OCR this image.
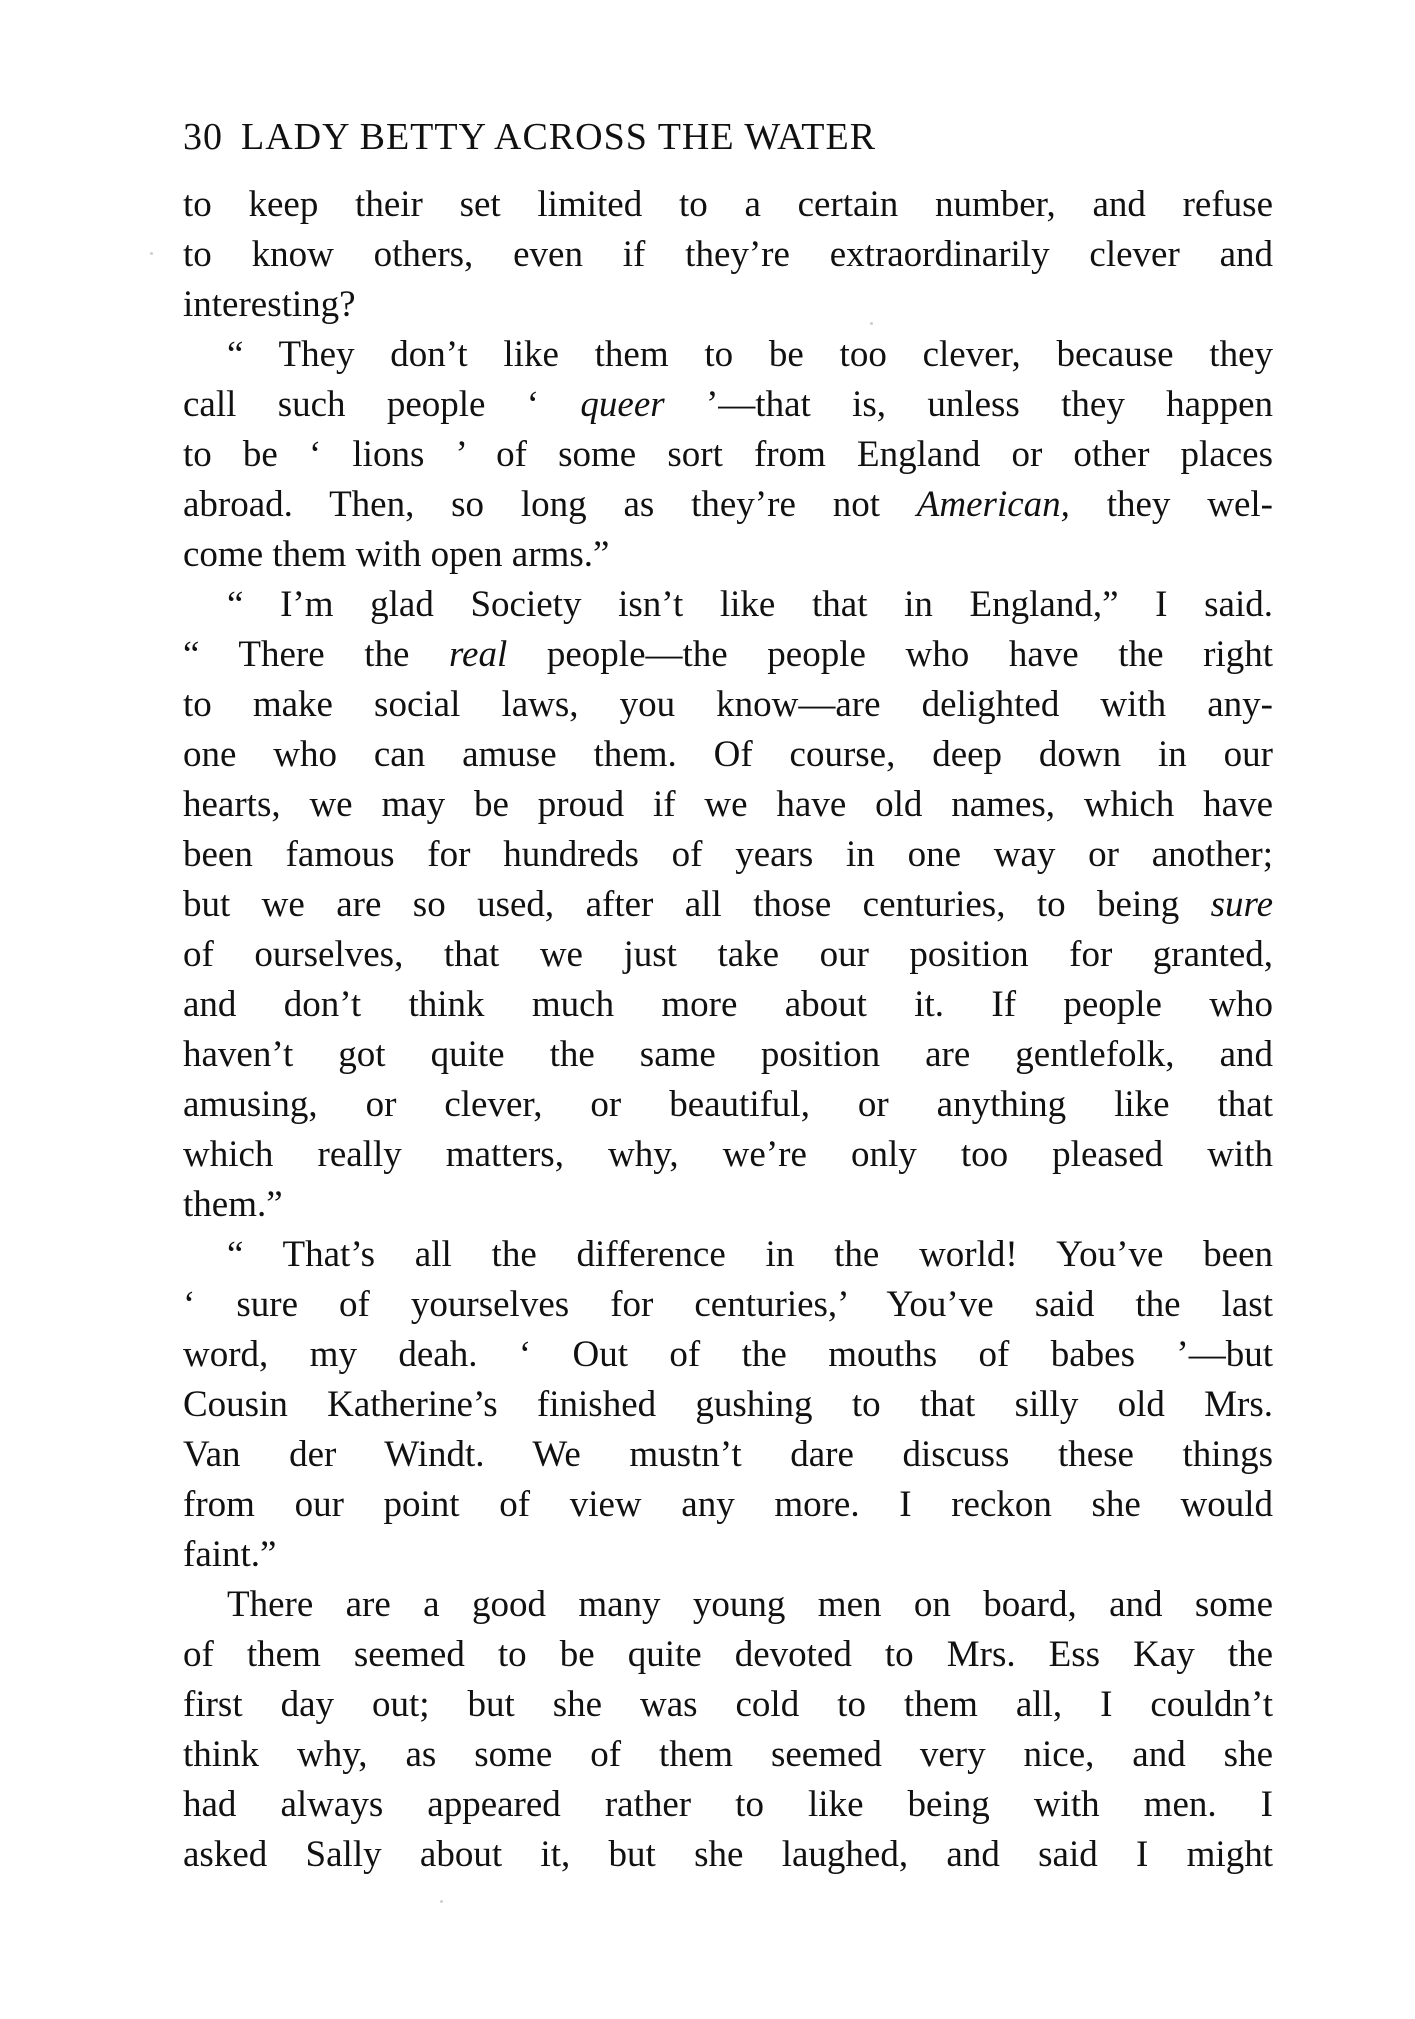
30 LADY BETTY ACROSS THE WATER
to keep their set limited to a certain number, and refuse
to know others, even if they’re extraordinarily clever and
interesting?
“ They don’t like them to be too clever, because they
call such people ‘ queer ’—that is, unless they happen
to be ‘ lions ’ of some sort from England or other places
abroad. Then, so long as they’re not American, they wel-
come them with open arms.”
“ I’m glad Society isn’t like that in England,” I said.
“ There the real people—the people who have the right
to make social laws, you know—are delighted with any-
one who can amuse them. Of course, deep down in our
hearts, we may be proud if we have old names, which have
been famous for hundreds of years in one way or another;
but we are so used, after all those centuries, to being sure
of ourselves, that we just take our position for granted,
and don’t think much more about it. If people who
haven’t got quite the same position are gentlefolk, and
amusing, or clever, or beautiful, or anything like that
which really matters, why, we’re only too pleased with
them.”
“ That’s all the difference in the world! You’ve been
‘ sure of yourselves for centuries,’ You’ve said the last
word, my deah. ‘ Out of the mouths of babes ’—but
Cousin Katherine’s finished gushing to that silly old Mrs.
Van der Windt. We mustn’t dare discuss these things
from our point of view any more. I reckon she would
faint.”
There are a good many young men on board, and some
of them seemed to be quite devoted to Mrs. Ess Kay the
first day out; but she was cold to them all, I couldn’t
think why, as some of them seemed very nice, and she
had always appeared rather to like being with men. I
asked Sally about it, but she laughed, and said I might
